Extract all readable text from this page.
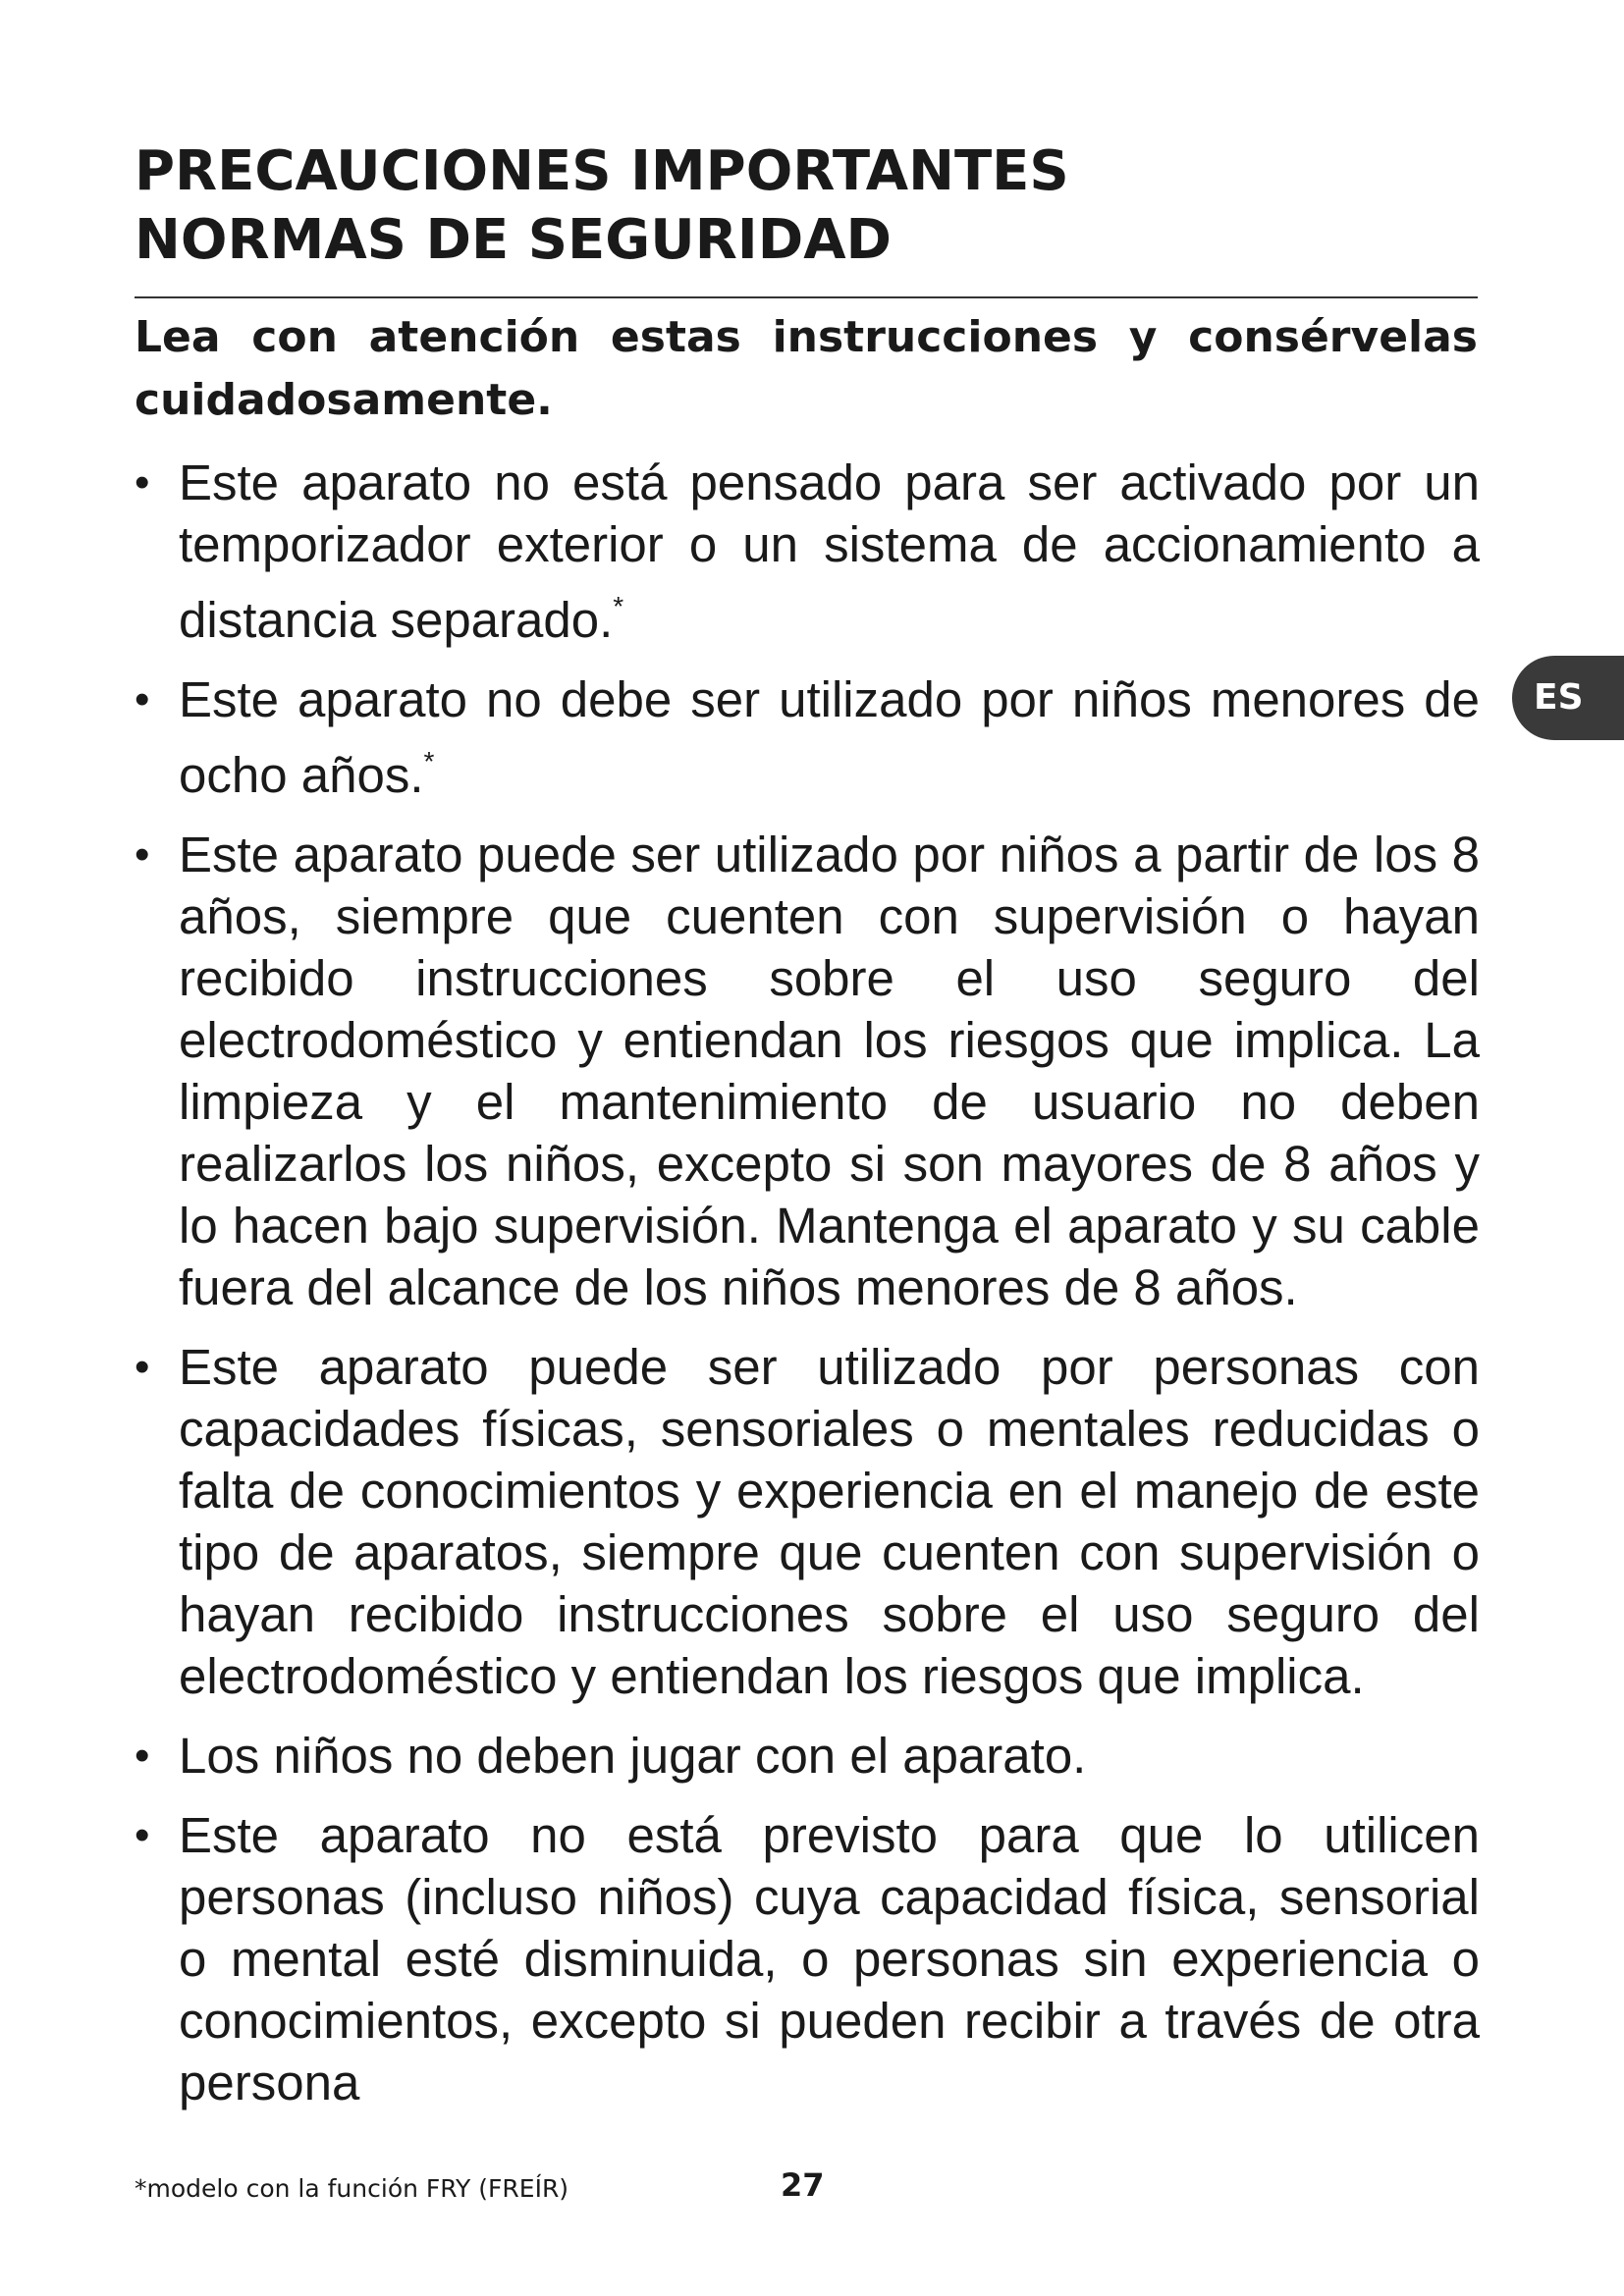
PRECAUCIONES IMPORTANTES
NORMAS DE SEGURIDAD

Lea con atención estas instrucciones y consérvelas cuidadosamente.

ES
• Este aparato no está pensado para ser activado por un temporizador exterior o un sistema de accionamiento a distancia separado.*
• Este aparato no debe ser utilizado por niños menores de ocho años.*
• Este aparato puede ser utilizado por niños a partir de los 8 años, siempre que cuenten con supervisión o hayan recibido instrucciones sobre el uso seguro del electrodoméstico y entiendan los riesgos que implica. La limpieza y el mantenimiento de usuario no deben realizarlos los niños, excepto si son mayores de 8 años y lo hacen bajo supervisión. Mantenga el aparato y su cable fuera del alcance de los niños menores de 8 años.
• Este aparato puede ser utilizado por personas con capacidades físicas, sensoriales o mentales reducidas o falta de conocimientos y experiencia en el manejo de este tipo de aparatos, siempre que cuenten con supervisión o hayan recibido instrucciones sobre el uso seguro del electrodoméstico y entiendan los riesgos que implica.
• Los niños no deben jugar con el aparato.
• Este aparato no está previsto para que lo utilicen personas (incluso niños) cuya capacidad física, sensorial o mental esté disminuida, o personas sin experiencia o conocimientos, excepto si pueden recibir a través de otra persona
*modelo con la función FRY (FREÍR)	27
